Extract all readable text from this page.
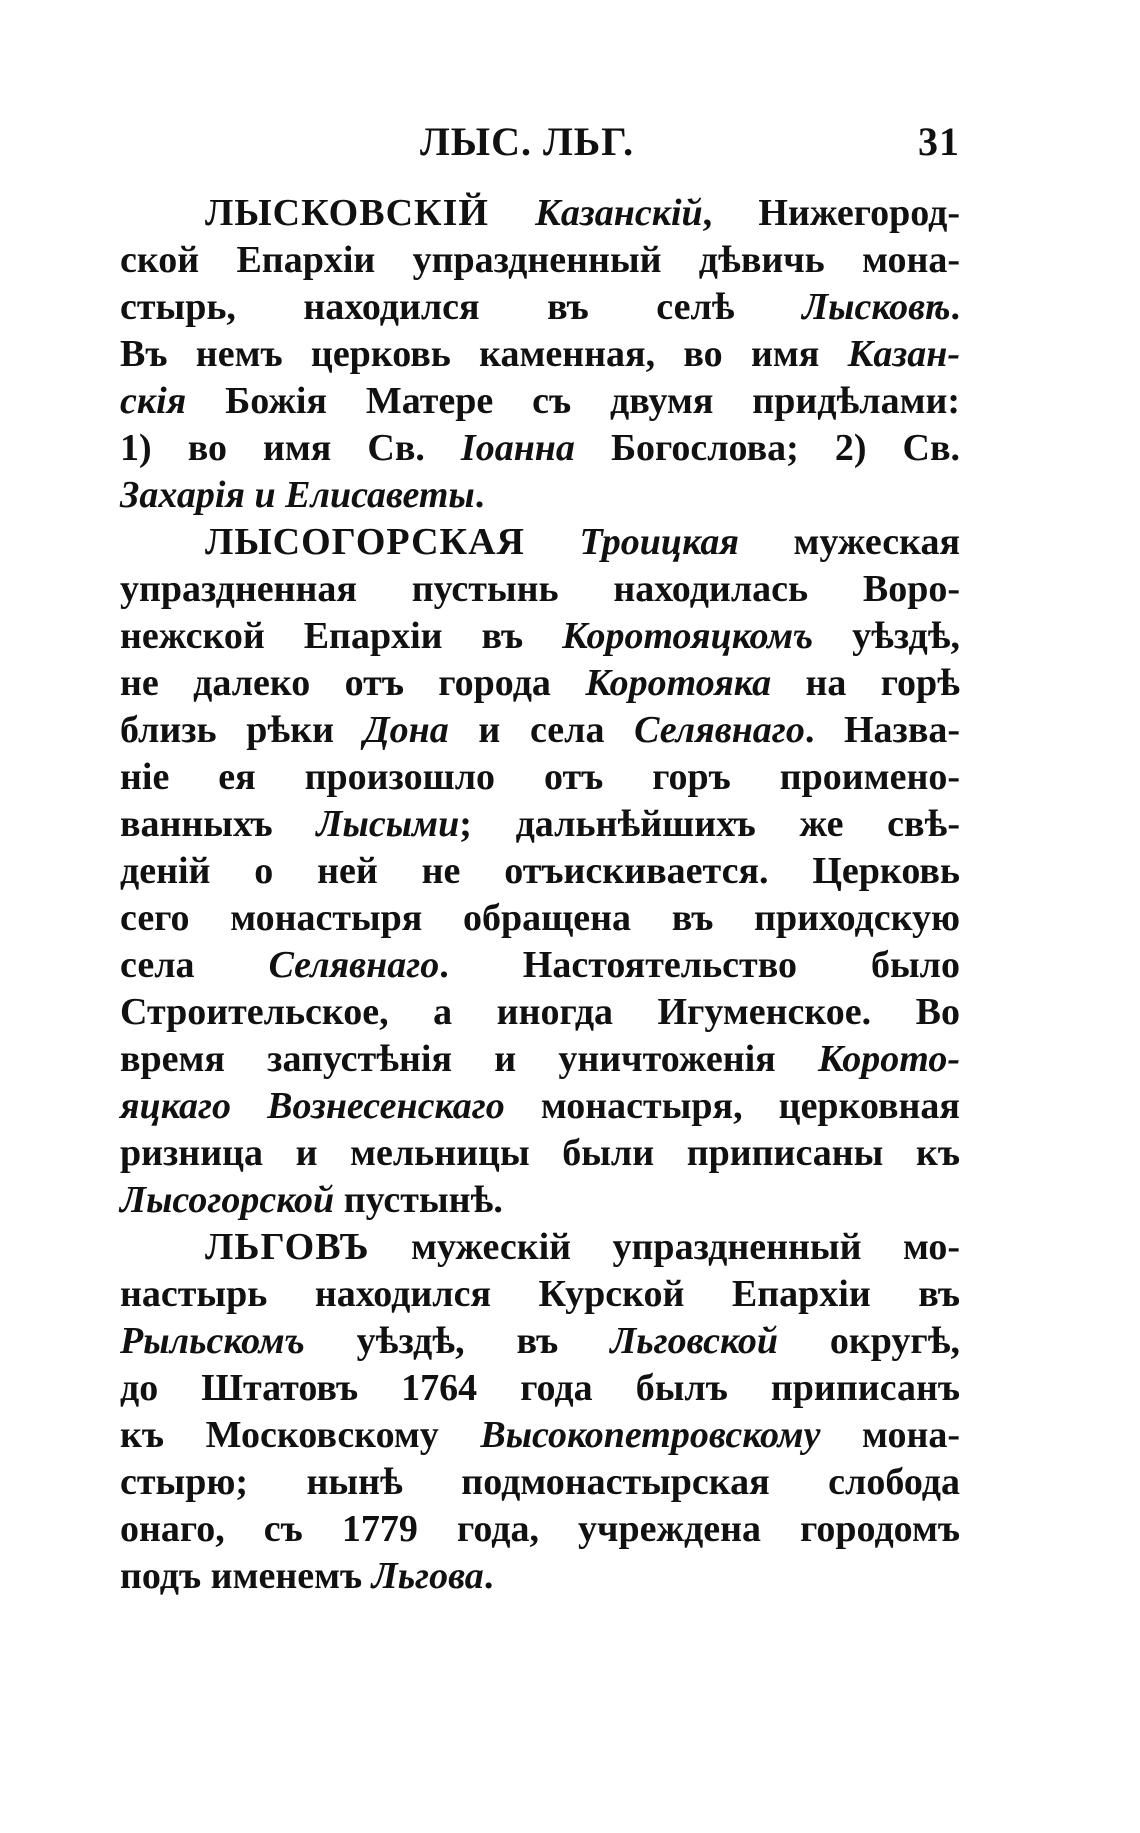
ЛЫС. ЛЬГ.	31
ЛЫСКОВСКІЙ Казанскій, Нижегород-
ской Епархіи упраздненный дѣвичь мона-
стырь, находился въ селѣ Лысковѣ.
Въ немъ церковь каменная, во имя Казан-
скія Божія Матере съ двумя придѣлами:
1) во имя Св. Іоанна Богослова; 2) Св.
Захарія и Елисаветы.
ЛЫСОГОРСКАЯ Троицкая мужеская
упраздненная пустынь находилась Воро-
нежской Епархіи въ Коротояцкомъ уѣздѣ,
не далеко отъ города Коротояка на горѣ
близь рѣки Дона и села Селявнаго. Назва-
ніе ея произошло отъ горъ проимено-
ванныхъ Лысыми; дальнѣйшихъ же свѣ-
деній о ней не отъискивается. Церковь
сего монастыря обращена въ приходскую
села Селявнаго. Настоятельство было
Строительское, а иногда Игуменское. Во
время запустѣнія и уничтоженія Корото-
яцкаго Вознесенскаго монастыря, церковная
ризница и мельницы были приписаны къ
Лысогорской пустынѣ.
ЛЬГОВЪ мужескій упраздненный мо-
настырь находился Курской Епархіи въ
Рыльскомъ уѣздѣ, въ Льговской округѣ,
до Штатовъ 1764 года былъ приписанъ
къ Московскому Высокопетровскому мона-
стырю; нынѣ подмонастырская слобода
онаго, съ 1779 года, учреждена городомъ
подъ именемъ Льгова.
